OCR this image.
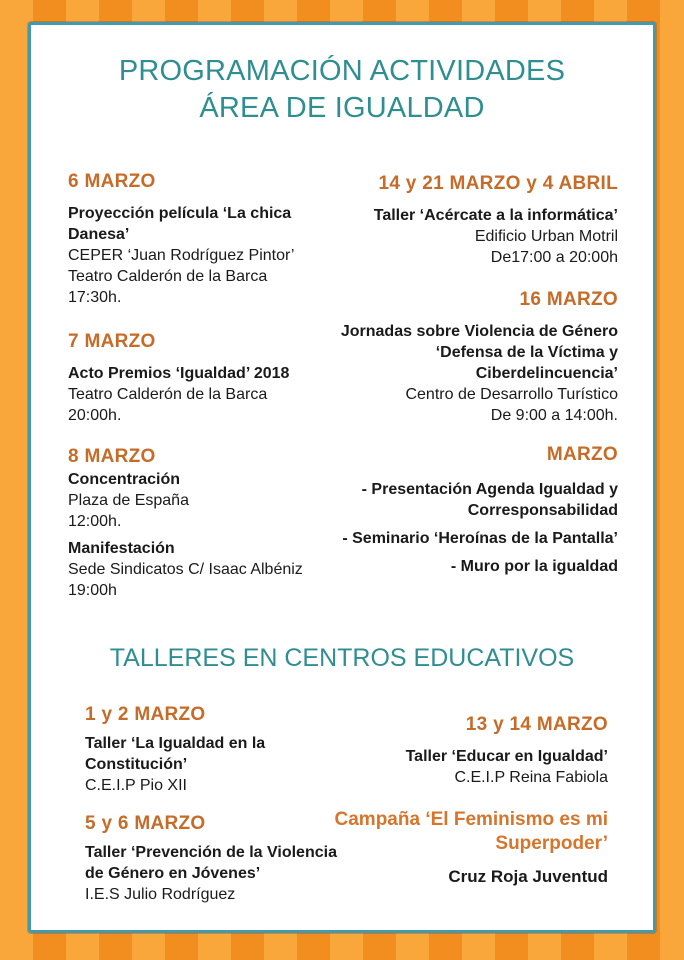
PROGRAMACIÓN ACTIVIDADES
ÁREA DE IGUALDAD
6 MARZO
Proyección película ‘La chica Danesa’
CEPER ‘Juan Rodríguez Pintor’
Teatro Calderón de la Barca
17:30h.
7 MARZO
Acto Premios ‘Igualdad’ 2018
Teatro Calderón de la Barca
20:00h.
8 MARZO
Concentración
Plaza de España
12:00h.
Manifestación
Sede Sindicatos C/ Isaac Albéniz
19:00h
14 y 21 MARZO y 4 ABRIL
Taller ‘Acércate a la informática’
Edificio Urban Motril
De17:00 a 20:00h
16 MARZO
Jornadas sobre Violencia de Género ‘Defensa de la Víctima y Ciberdelincuencia’
Centro de Desarrollo Turístico
De 9:00 a 14:00h.
MARZO
- Presentación Agenda Igualdad y Corresponsabilidad
- Seminario ‘Heroínas de la Pantalla’
- Muro por la igualdad
TALLERES EN CENTROS EDUCATIVOS
1 y 2 MARZO
Taller ‘La Igualdad en la Constitución’
C.E.I.P Pio XII
5 y 6 MARZO
Taller ‘Prevención de la Violencia de Género en Jóvenes’
I.E.S Julio Rodríguez
13 y 14 MARZO
Taller ‘Educar en Igualdad’
C.E.I.P Reina Fabiola
Campaña ‘El Feminismo es mi Superpoder’
Cruz Roja Juventud
